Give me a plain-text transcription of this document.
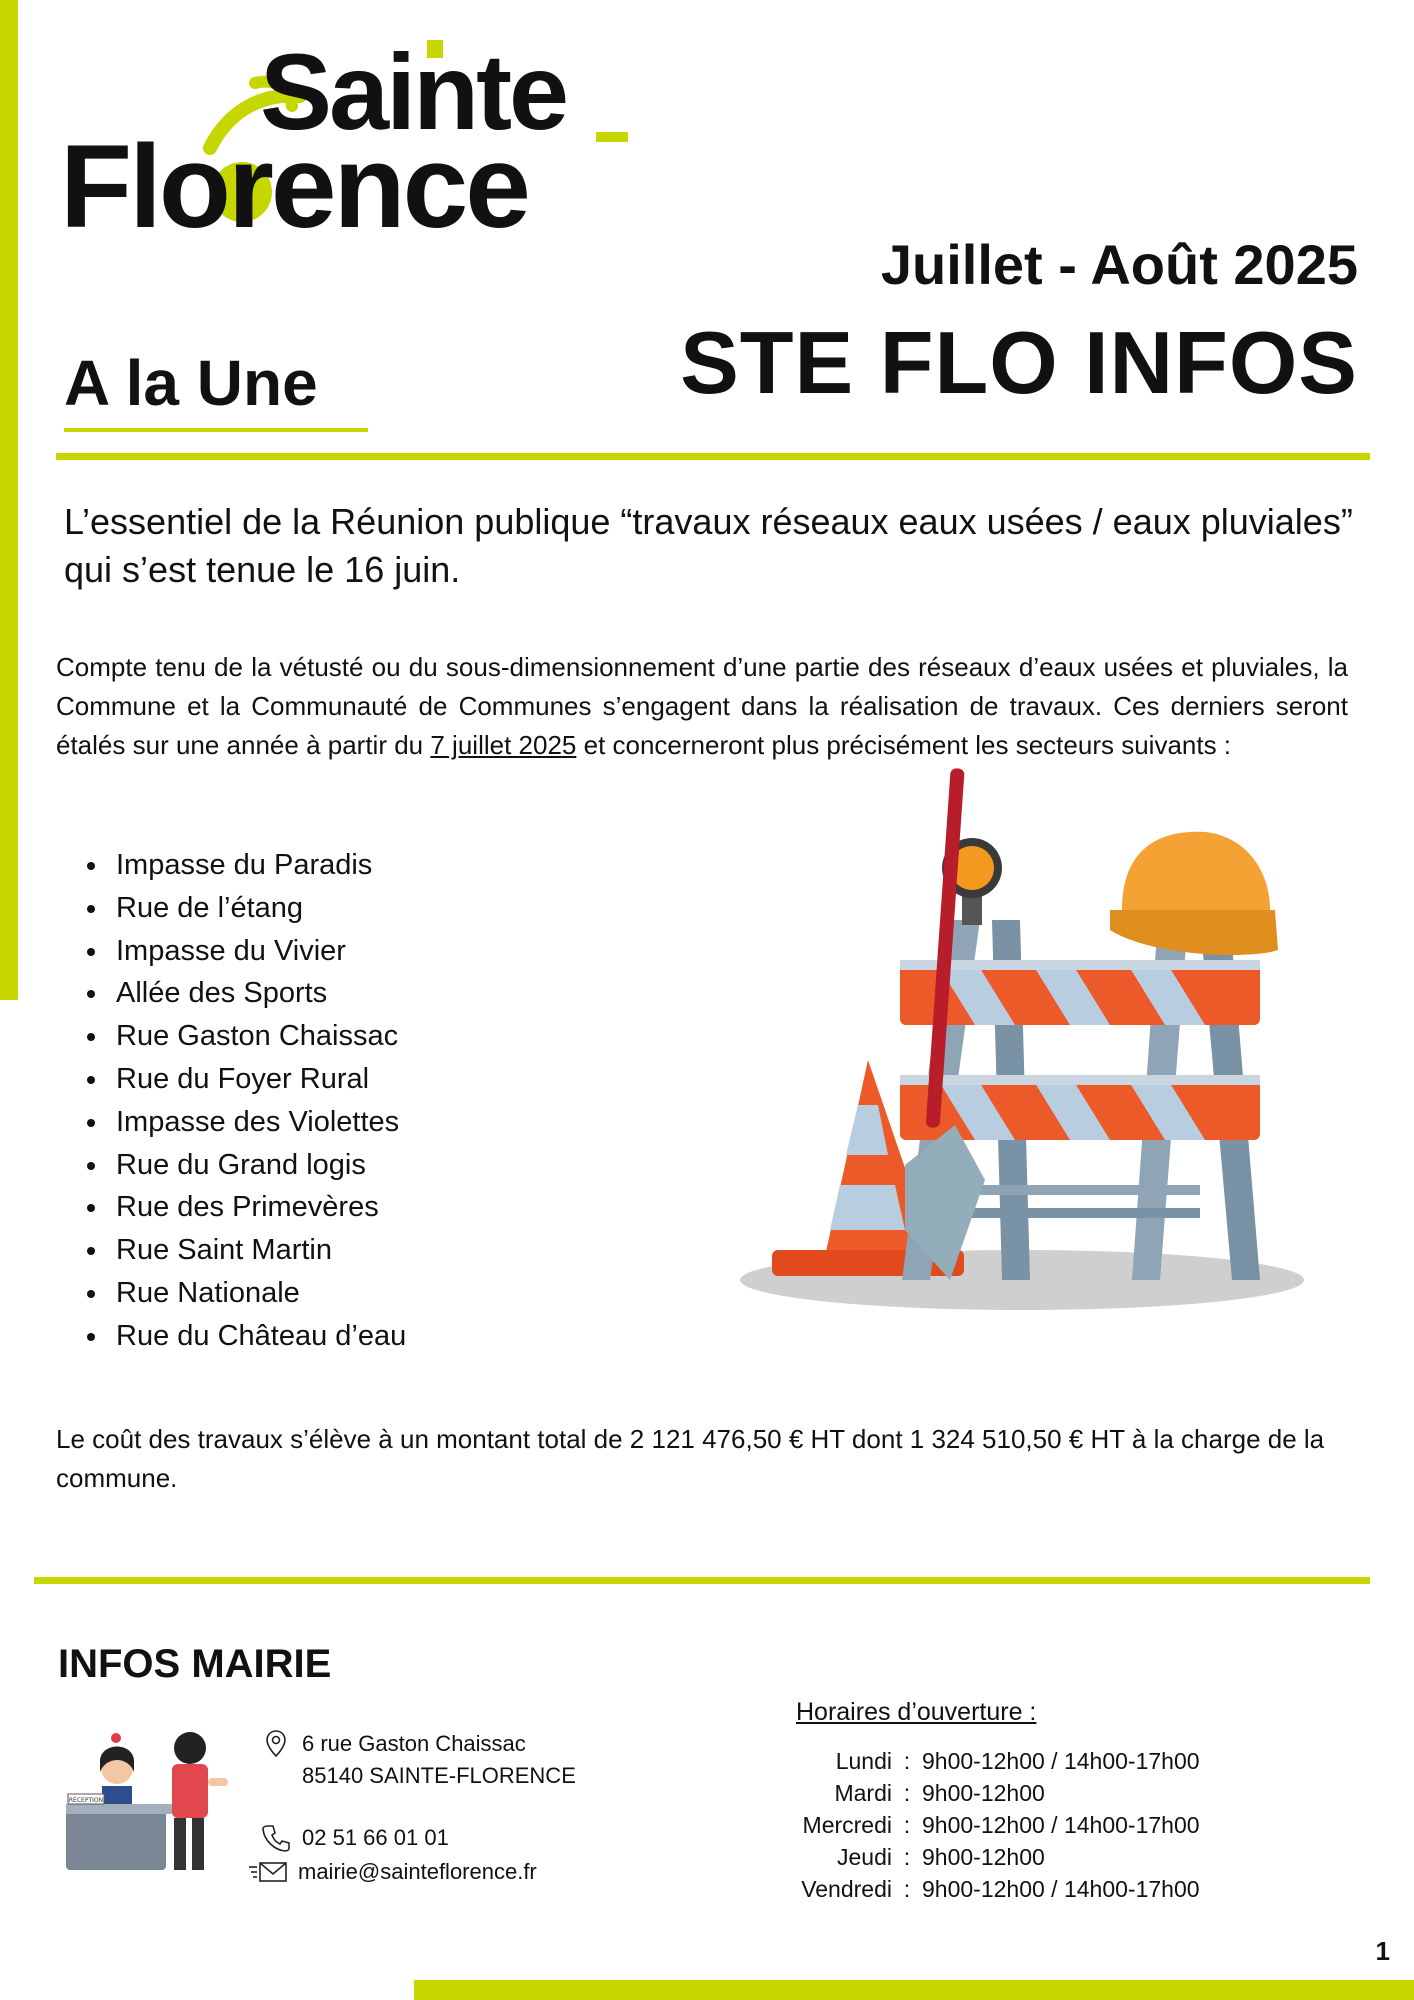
Sainte
Florence
Juillet - Août 2025
STE FLO INFOS
A la Une
L’essentiel de la Réunion publique “travaux réseaux eaux usées / eaux pluviales” qui s’est tenue le 16 juin.
Compte tenu de la vétusté ou du sous-dimensionnement d’une partie des réseaux d’eaux usées et pluviales, la Commune et la Communauté de Communes s’engagent dans la réalisation de travaux. Ces derniers seront étalés sur une année à partir du 7 juillet 2025 et concerneront plus précisément les secteurs suivants :
• Impasse du Paradis
• Rue de l’étang
• Impasse du Vivier
• Allée des Sports
• Rue Gaston Chaissac
• Rue du Foyer Rural
• Impasse des Violettes
• Rue du Grand logis
• Rue des Primevères
• Rue Saint Martin
• Rue Nationale
• Rue du Château d’eau
Le coût des travaux s’élève à un montant total de 2 121 476,50 € HT dont 1 324 510,50 € HT à la charge de la commune.
INFOS MAIRIE
RÉCEPTION
6 rue Gaston Chaissac
85140 SAINTE-FLORENCE
02 51 66 01 01
mairie@sainteflorence.fr
Horaires d’ouverture :
Lundi	:	9h00-12h00 / 14h00-17h00
Mardi	:	9h00-12h00
Mercredi	:	9h00-12h00 / 14h00-17h00
Jeudi	:	9h00-12h00
Vendredi	:	9h00-12h00 / 14h00-17h00
1
